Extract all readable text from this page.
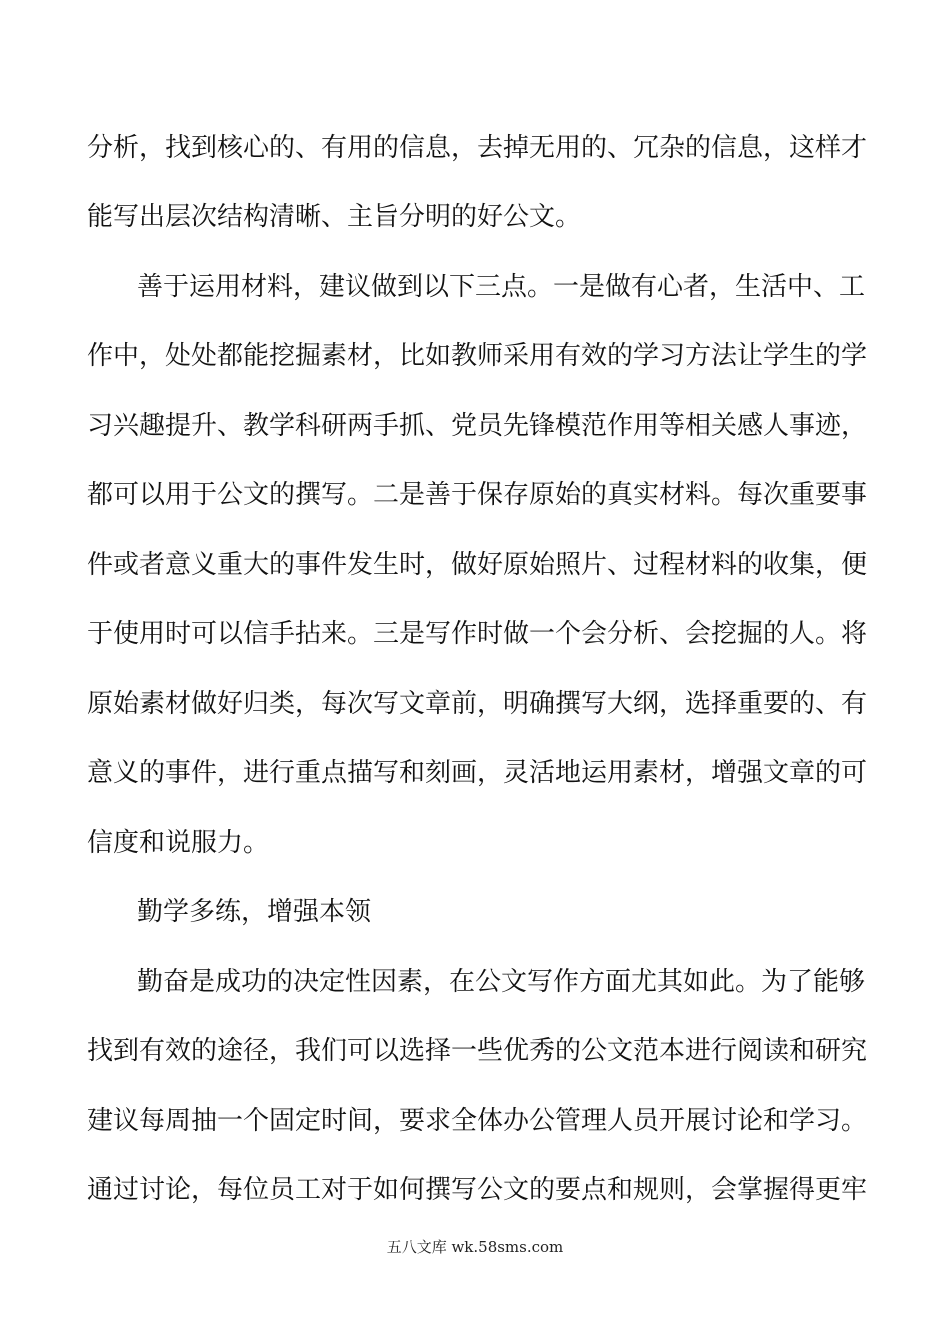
分析，找到核心的、有用的信息，去掉无用的、冗杂的信息，这样才
能写出层次结构清晰、主旨分明的好公文。
善于运用材料，建议做到以下三点。一是做有心者，生活中、工
作中，处处都能挖掘素材，比如教师采用有效的学习方法让学生的学
习兴趣提升、教学科研两手抓、党员先锋模范作用等相关感人事迹，
都可以用于公文的撰写。二是善于保存原始的真实材料。每次重要事
件或者意义重大的事件发生时，做好原始照片、过程材料的收集，便
于使用时可以信手拈来。三是写作时做一个会分析、会挖掘的人。将
原始素材做好归类，每次写文章前，明确撰写大纲，选择重要的、有
意义的事件，进行重点描写和刻画，灵活地运用素材，增强文章的可
信度和说服力。
勤学多练，增强本领
勤奋是成功的决定性因素，在公文写作方面尤其如此。为了能够
找到有效的途径，我们可以选择一些优秀的公文范本进行阅读和研究
建议每周抽一个固定时间，要求全体办公管理人员开展讨论和学习。
通过讨论，每位员工对于如何撰写公文的要点和规则，会掌握得更牢
五八文库 wk.58sms.com
